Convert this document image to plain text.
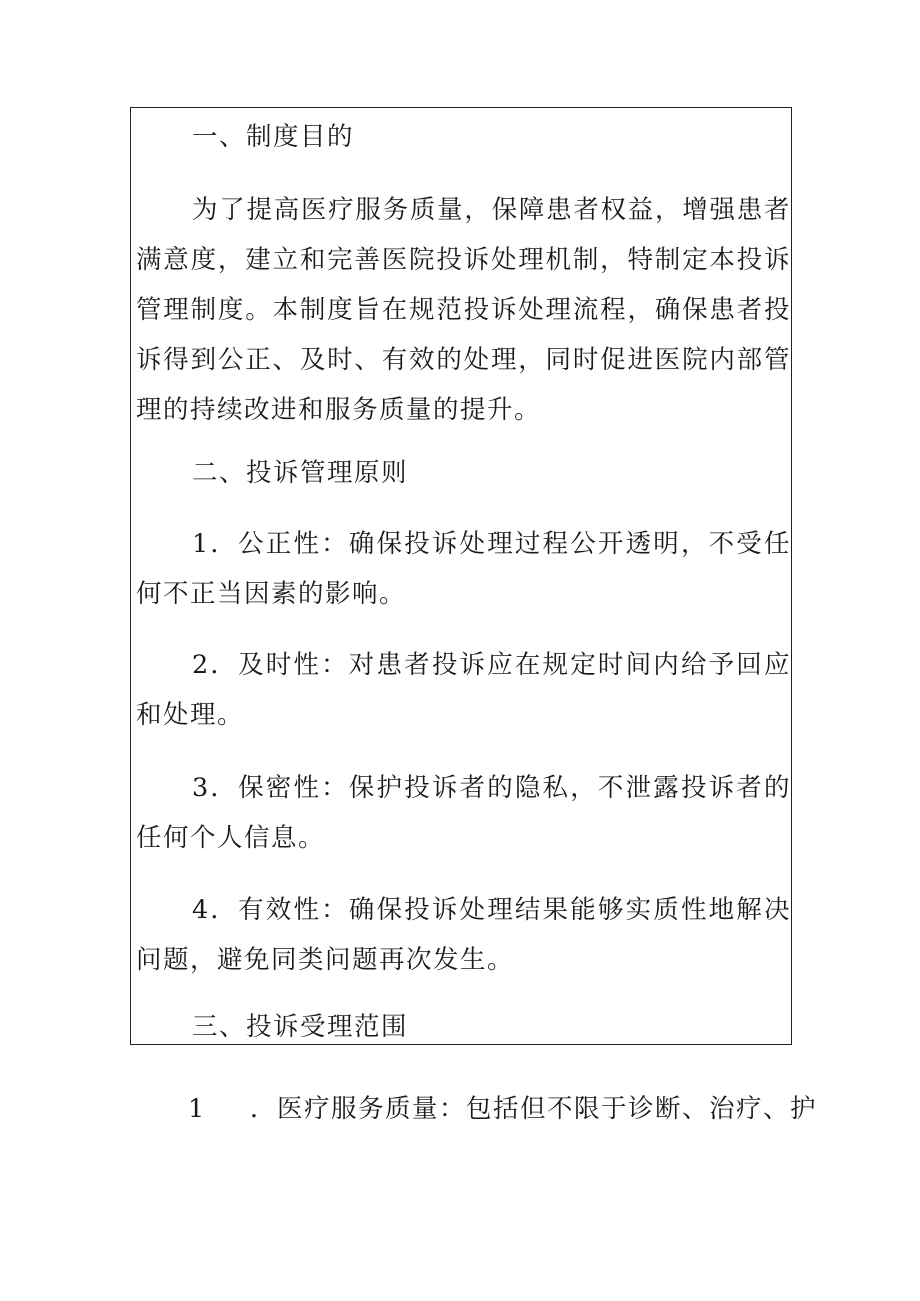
一、制度目的

为了提高医疗服务质量，保障患者权益，增强患者满意度，建立和完善医院投诉处理机制，特制定本投诉管理制度。本制度旨在规范投诉处理流程，确保患者投诉得到公正、及时、有效的处理，同时促进医院内部管理的持续改进和服务质量的提升。

二、投诉管理原则

1．公正性：确保投诉处理过程公开透明，不受任何不正当因素的影响。

2．及时性：对患者投诉应在规定时间内给予回应和处理。

3．保密性：保护投诉者的隐私，不泄露投诉者的任何个人信息。

4．有效性：确保投诉处理结果能够实质性地解决问题，避免同类问题再次发生。

三、投诉受理范围

1 ．医疗服务质量：包括但不限于诊断、治疗、护
